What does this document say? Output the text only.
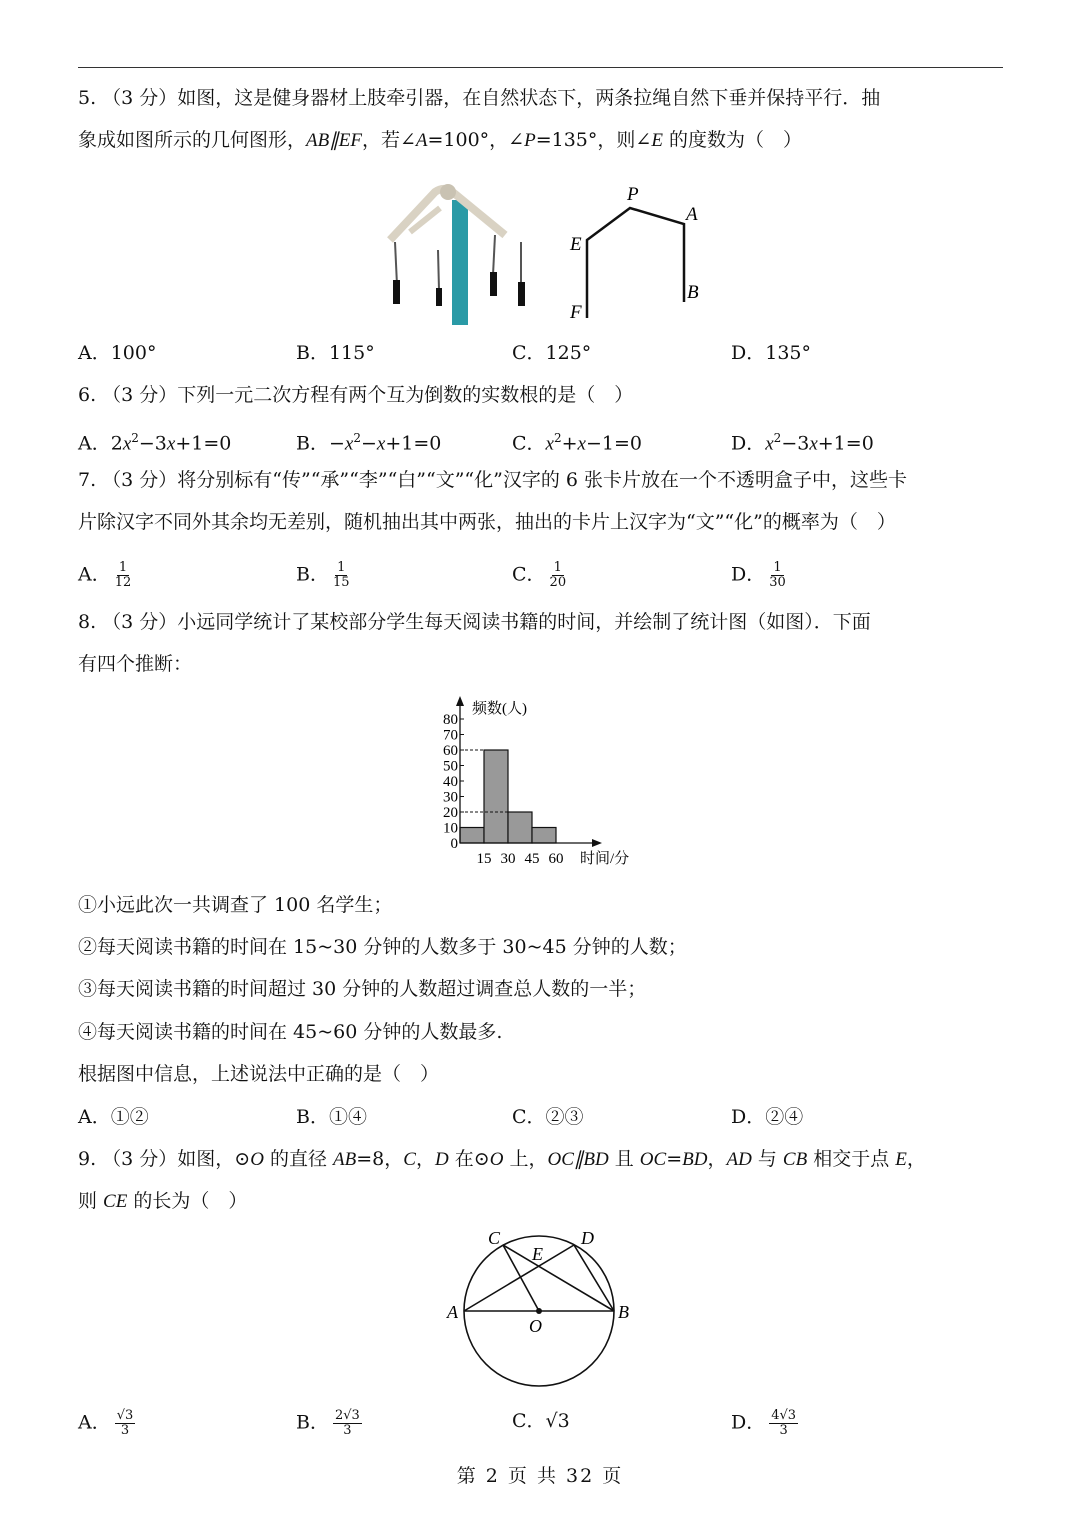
5. （3 分）如图，这是健身器材上肢牵引器，在自然状态下，两条拉绳自然下垂并保持平行．抽
象成如图所示的几何图形，AB∥EF，若∠A=100°，∠P=135°，则∠E 的度数为（　）
A．100°	B．115°	C．125°	D．135°
6. （3 分）下列一元二次方程有两个互为倒数的实数根的是（　）
A．$2x^2-3x+1=0$	B．$-x^2-x+1=0$	C．$x^2+x-1=0$	D．$x^2-3x+1=0$
7. （3 分）将分别标有“传”“承”“李”“白”“文”“化”汉字的 6 张卡片放在一个不透明盒子中，这些卡
片除汉字不同外其余均无差别，随机抽出其中两张，抽出的卡片上汉字为“文”“化”的概率为（　）
A． $\frac{1}{12}$	B． $\frac{1}{15}$	C． $\frac{1}{20}$	D． $\frac{1}{30}$
8. （3 分）小远同学统计了某校部分学生每天阅读书籍的时间，并绘制了统计图（如图）．下面
有四个推断：
①小远此次一共调查了 100 名学生；
②每天阅读书籍的时间在 15~30 分钟的人数多于 30~45 分钟的人数；
③每天阅读书籍的时间超过 30 分钟的人数超过调查总人数的一半；
④每天阅读书籍的时间在 45~60 分钟的人数最多.
根据图中信息，上述说法中正确的是（　）
A．①②	B．①④	C．②③	D．②④
9. （3 分）如图，⊙O 的直径 AB=8，C，D 在⊙O 上，OC∥BD 且 OC=BD，AD 与 CB 相交于点 E，
则 CE 的长为（　）
A． $\frac{√3}{3}$	B． $\frac{2√3}{3}$	C．√3	D． $\frac{4√3}{3}$
P
A
E
B
F
0
10
20
30
40
50
60
70
80
15 30 45 60
频数(人)
时间/分
C	D
E
A	B
O
第 2 页 共 32 页
